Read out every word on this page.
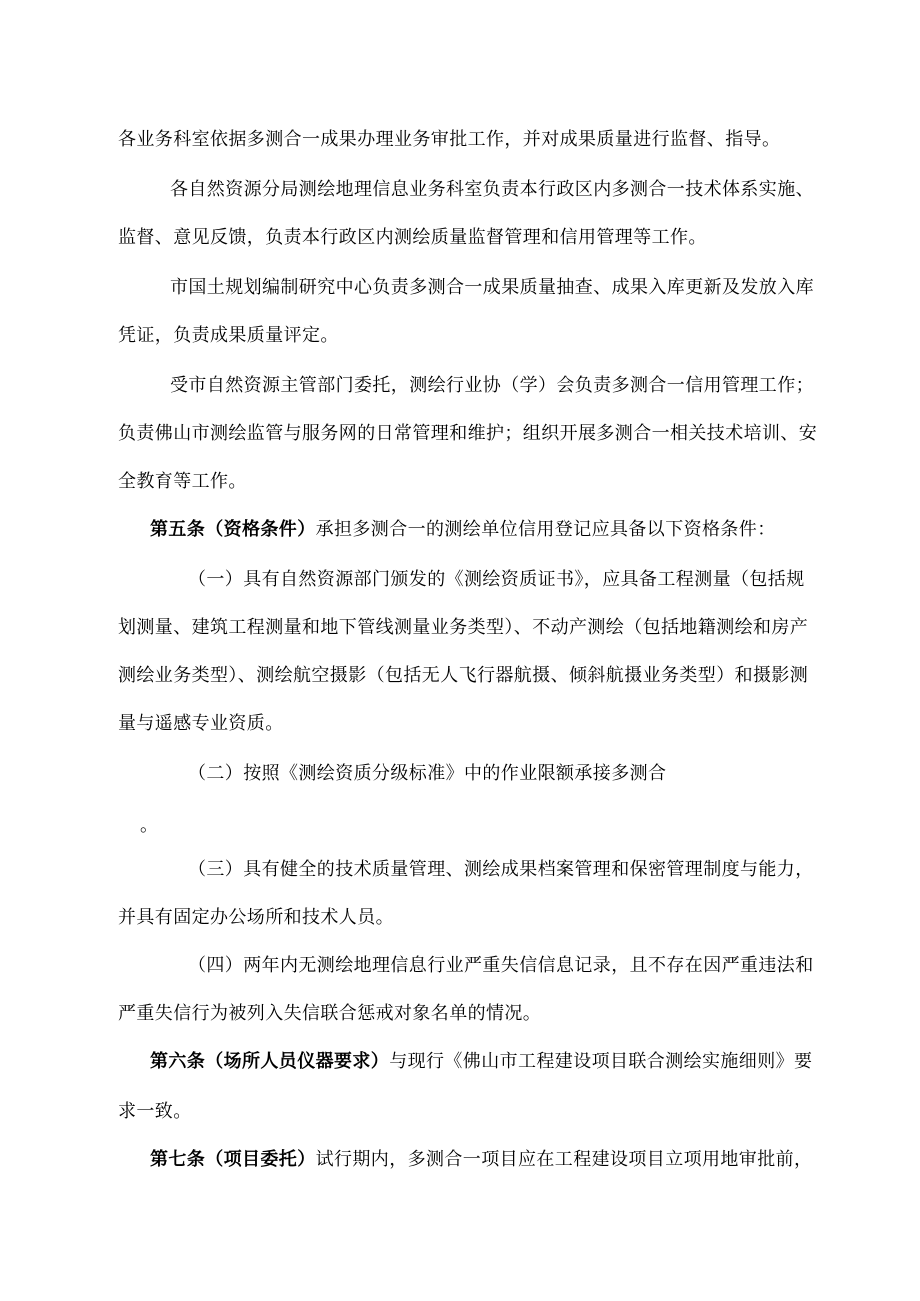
各业务科室依据多测合一成果办理业务审批工作，并对成果质量进行监督、指导。
各自然资源分局测绘地理信息业务科室负责本行政区内多测合一技术体系实施、
监督、意见反馈，负责本行政区内测绘质量监督管理和信用管理等工作。
市国土规划编制研究中心负责多测合一成果质量抽查、成果入库更新及发放入库
凭证，负责成果质量评定。
受市自然资源主管部门委托，测绘行业协（学）会负责多测合一信用管理工作；
负责佛山市测绘监管与服务网的日常管理和维护；组织开展多测合一相关技术培训、安
全教育等工作。
第五条（资格条件）承担多测合一的测绘单位信用登记应具备以下资格条件：
（一）具有自然资源部门颁发的《测绘资质证书》，应具备工程测量（包括规
划测量、建筑工程测量和地下管线测量业务类型）、不动产测绘（包括地籍测绘和房产
测绘业务类型）、测绘航空摄影（包括无人飞行器航摄、倾斜航摄业务类型）和摄影测
量与遥感专业资质。
（二）按照《测绘资质分级标准》中的作业限额承接多测合
。
（三）具有健全的技术质量管理、测绘成果档案管理和保密管理制度与能力，
并具有固定办公场所和技术人员。
（四）两年内无测绘地理信息行业严重失信信息记录，且不存在因严重违法和
严重失信行为被列入失信联合惩戒对象名单的情况。
第六条（场所人员仪器要求）与现行《佛山市工程建设项目联合测绘实施细则》要
求一致。
第七条（项目委托）试行期内，多测合一项目应在工程建设项目立项用地审批前，
